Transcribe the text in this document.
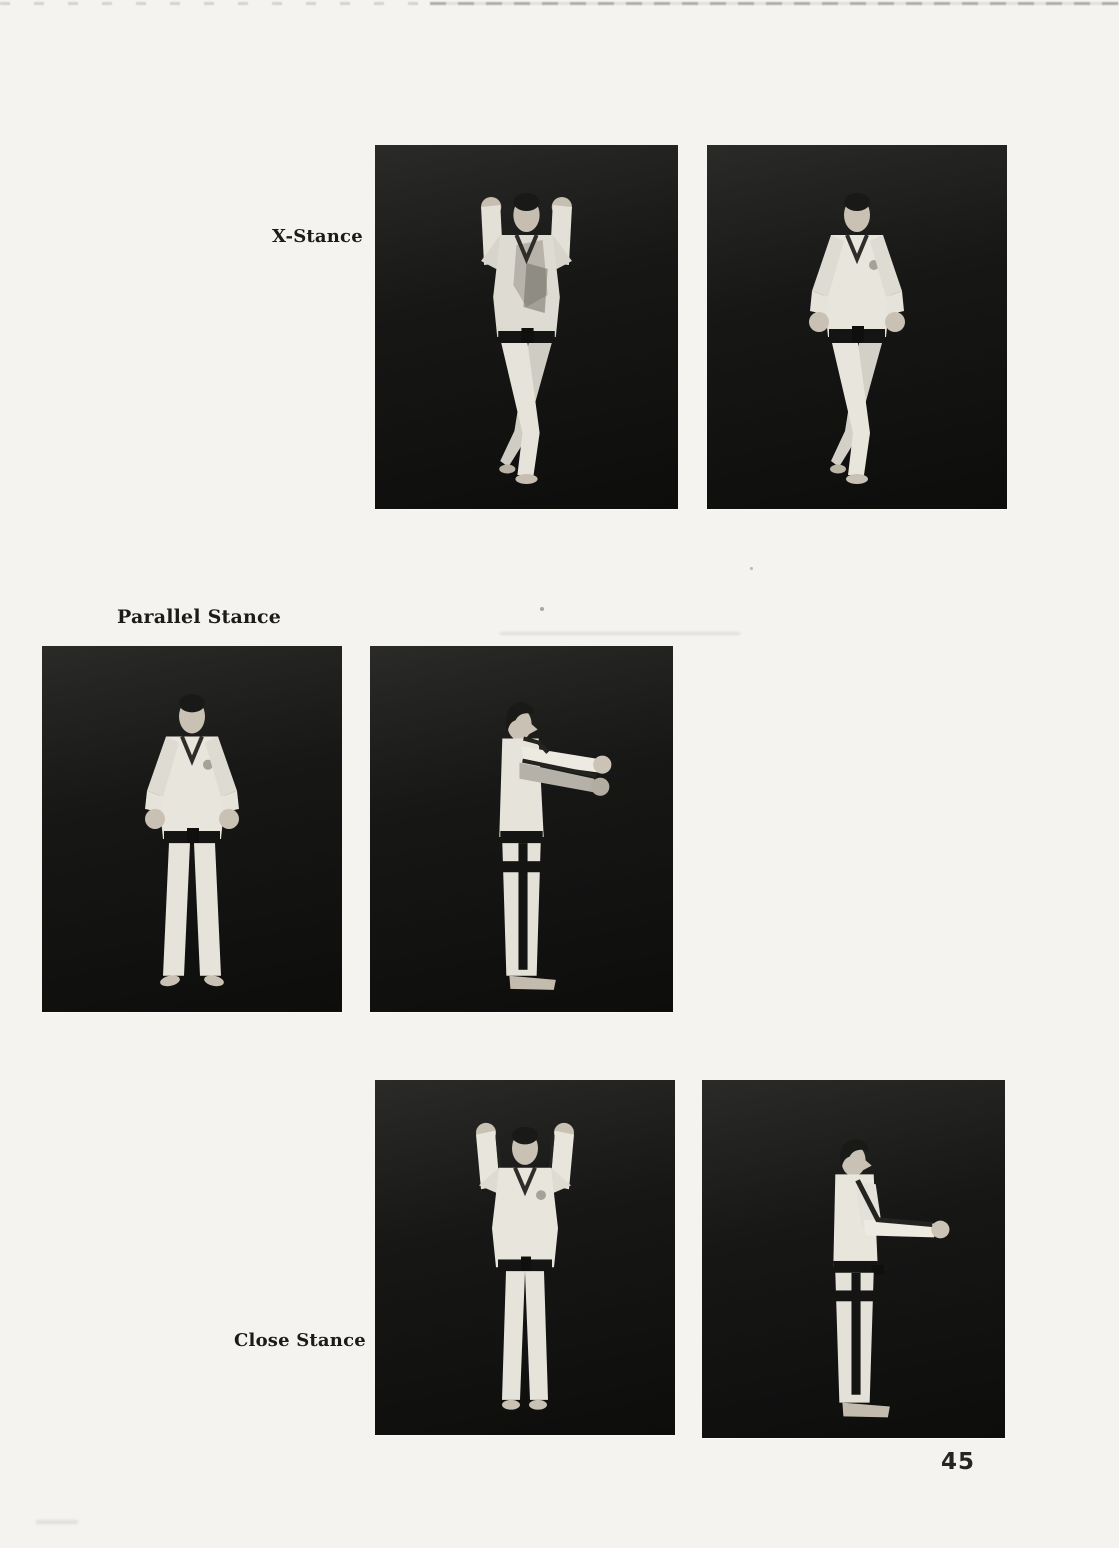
X-Stance
Parallel Stance
Close Stance
45
